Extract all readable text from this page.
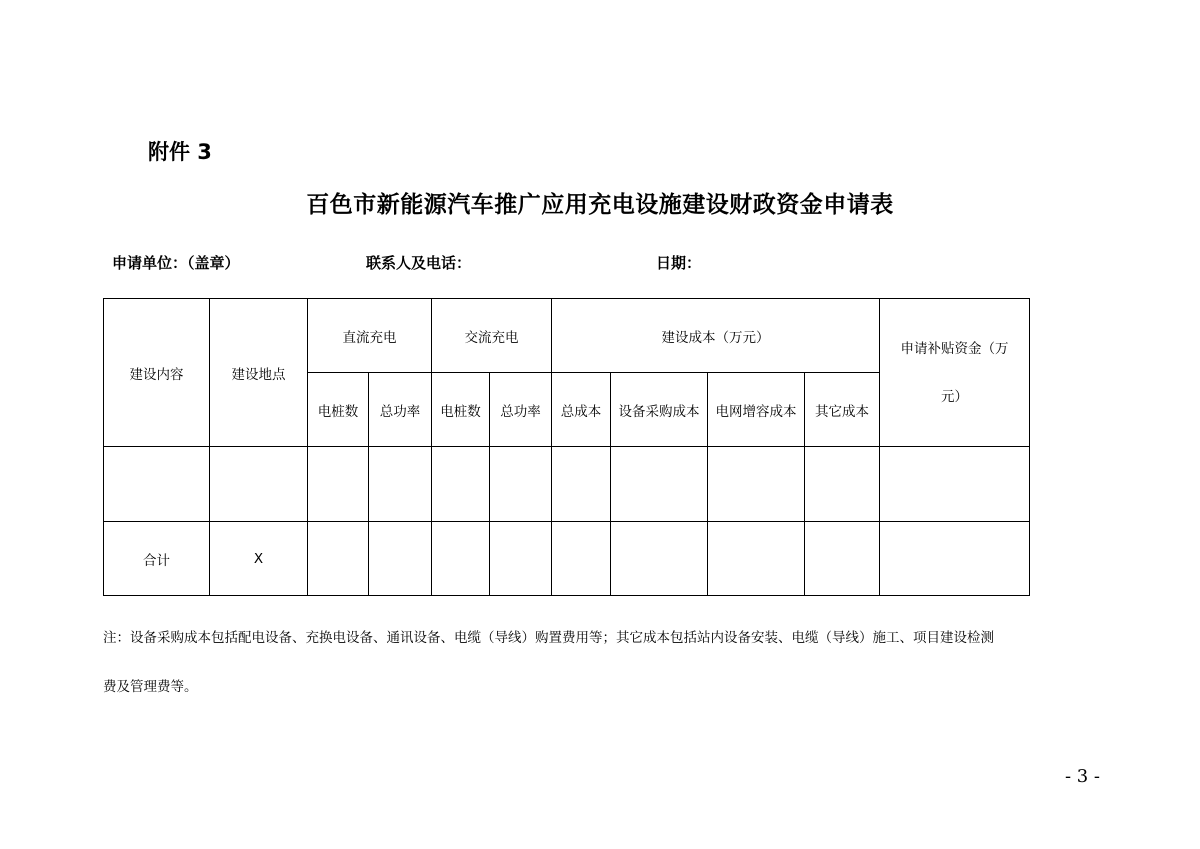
附件 3
百色市新能源汽车推广应用充电设施建设财政资金申请表
申请单位：（盖章）	联系人及电话：	日期：
建设内容	建设地点	直流充电		交流充电		建设成本（万元）				申请补贴资金（万
元）

		电桩数	总功率	电桩数	总功率	总成本	设备采购成本	电网增容成本	其它成本	

合计	X									
注：设备采购成本包括配电设备、充换电设备、通讯设备、电缆（导线）购置费用等；其它成本包括站内设备安装、电缆（导线）施工、项目建设检测
费及管理费等。
- 3 -
